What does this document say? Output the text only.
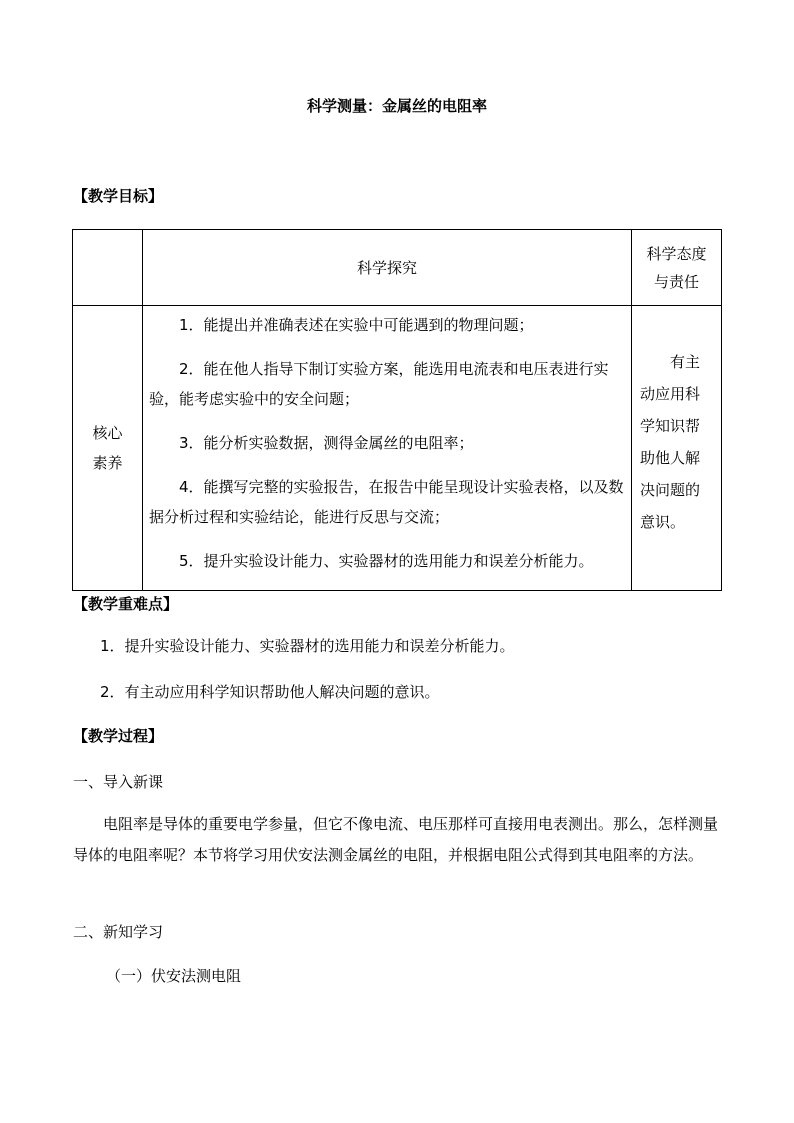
科学测量：金属丝的电阻率
【教学目标】
	科学探究	科学态度与责任

核心素养	1．能提出并准确表述在实验中可能遇到的物理问题；

2．能在他人指导下制订实验方案，能选用电流表和电压表进行实验，能考虑实验中的安全问题；

3．能分析实验数据，测得金属丝的电阻率；

4．能撰写完整的实验报告，在报告中能呈现设计实验表格，以及数据分析过程和实验结论，能进行反思与交流；

5．提升实验设计能力、实验器材的选用能力和误差分析能力。	有主动应用科学知识帮助他人解决问题的意识。
【教学重难点】
1．提升实验设计能力、实验器材的选用能力和误差分析能力。
2．有主动应用科学知识帮助他人解决问题的意识。
【教学过程】
一、导入新课
电阻率是导体的重要电学参量，但它不像电流、电压那样可直接用电表测出。那么，怎样测量导体的电阻率呢？本节将学习用伏安法测金属丝的电阻，并根据电阻公式得到其电阻率的方法。
二、新知学习
（一）伏安法测电阻
